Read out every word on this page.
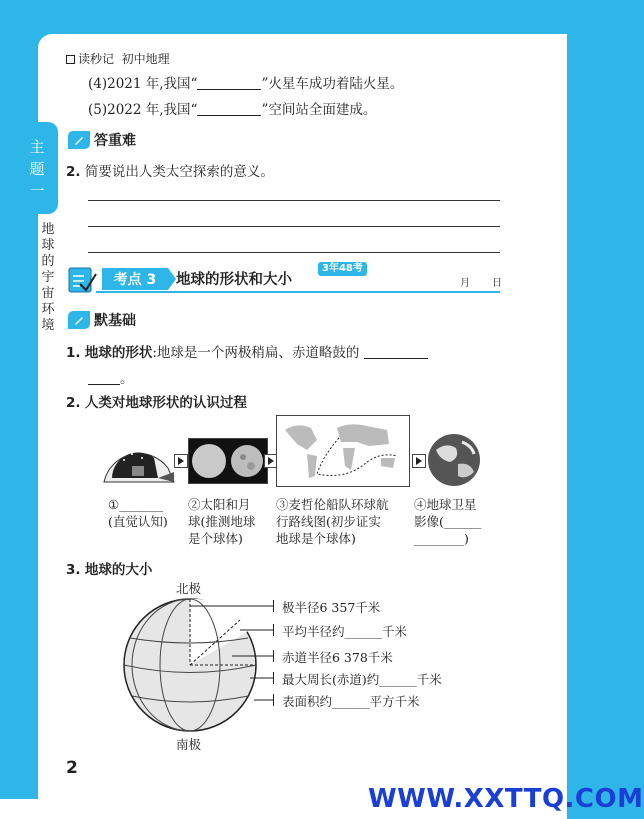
读秒记 初中地理
(4)2021 年,我国“	”火星车成功着陆火星。
(5)2022 年,我国“	”空间站全面建成。
主
题
一
地球的宇宙环境
答重难
2. 简要说出人类太空探索的意义。
考点 3	地球的形状和大小
3年48考
月 日
默基础
1. 地球的形状:地球是一个两极稍扁、赤道略鼓的
。
2. 人类对地球形状的认识过程
①_______
(直觉认知)
②太阳和月
球(推测地球
是个球体)
③麦哲伦船队环球航
行路线图(初步证实
地球是个球体)
④地球卫星
影像(______
________)
3. 地球的大小
北极
南极
极半径6 357千米
平均半径约______千米
赤道半径6 378千米
最大周长(赤道)约______千米
表面积约______平方千米
2
WWW.XXTTQ.COM
